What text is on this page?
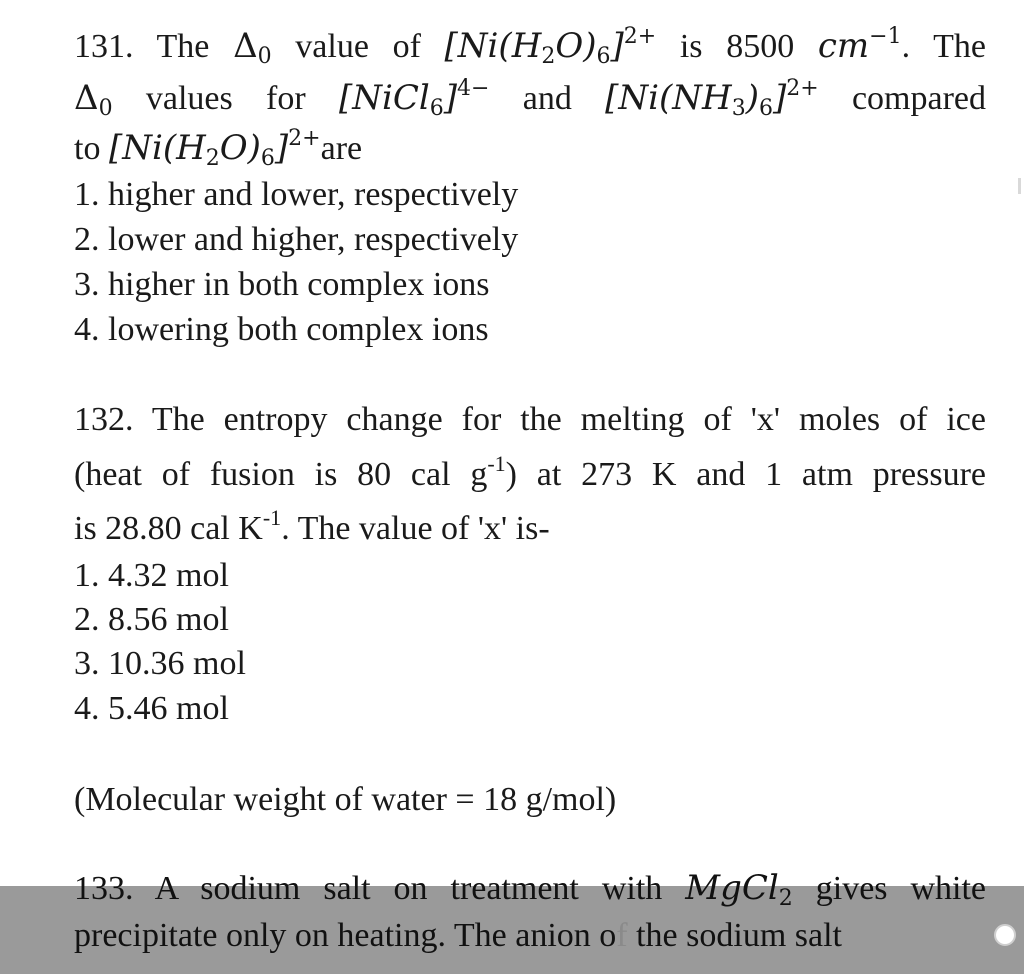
131. The $\Delta_0$ value of $[Ni(H_2O)_6]^{2+}$ is 8500 $cm^{-1}$. The
$\Delta_0$ values for [NiCl$_6$]$^{4-}$ and $[Ni(NH_3)_6]^{2+}$ compared
to $[Ni(H_2O)_6]^{2+}are$
1. higher and lower, respectively
2. lower and higher, respectively
3. higher in both complex ions
4. lowering both complex ions
132. The entropy change for the melting of 'x' moles of ice
(heat of fusion is 80 cal $g^{-1}$) at 273 K and 1 atm pressure
is 28.80 cal $K^{-1}$. The value of 'x' is-
1. 4.32 mol
2. 8.56 mol
3. 10.36 mol
4. 5.46 mol
(Molecular weight of water = 18 g/mol)
133. A sodium salt on treatment with MgCl$_2$ gives white
precipitate only on heating. The anion of the sodium salt
